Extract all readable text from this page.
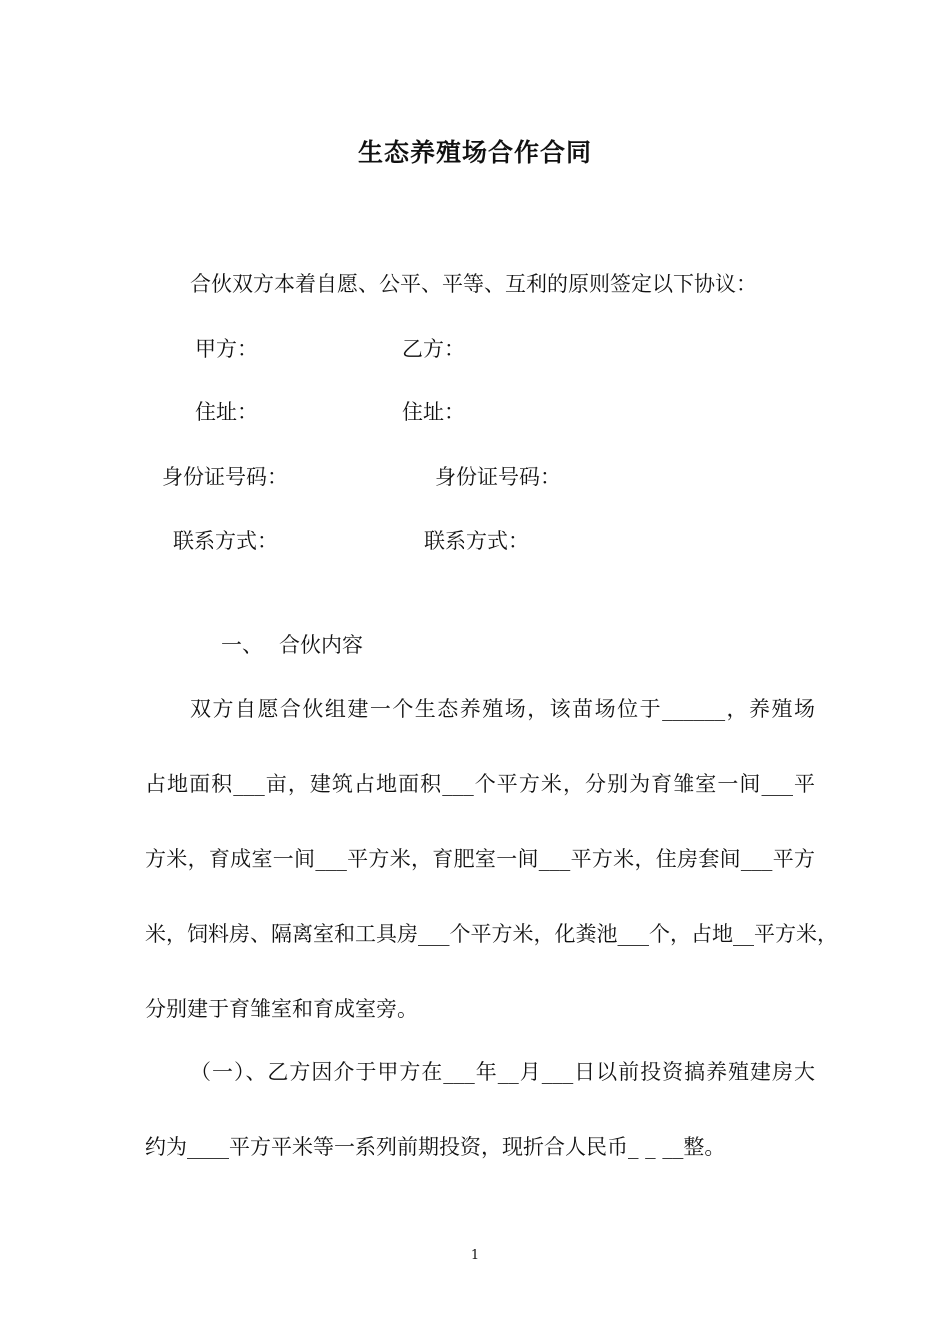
生态养殖场合作合同
合伙双方本着自愿、公平、平等、互利的原则签定以下协议：
甲方：	乙方：
住址：	住址：
身份证号码：	身份证号码：
联系方式：	联系方式：
一、 合伙内容
双方自愿合伙组建一个生态养殖场，该苗场位于______，养殖场
占地面积___亩，建筑占地面积___个平方米，分别为育雏室一间___平
方米，育成室一间___平方米，育肥室一间___平方米，住房套间___平方
米，饲料房、隔离室和工具房___个平方米，化粪池___个，占地__平方米，
分别建于育雏室和育成室旁。
（一）、乙方因介于甲方在___年__月___日以前投资搞养殖建房大
约为____平方平米等一系列前期投资，现折合人民币_ _ __整。
1
